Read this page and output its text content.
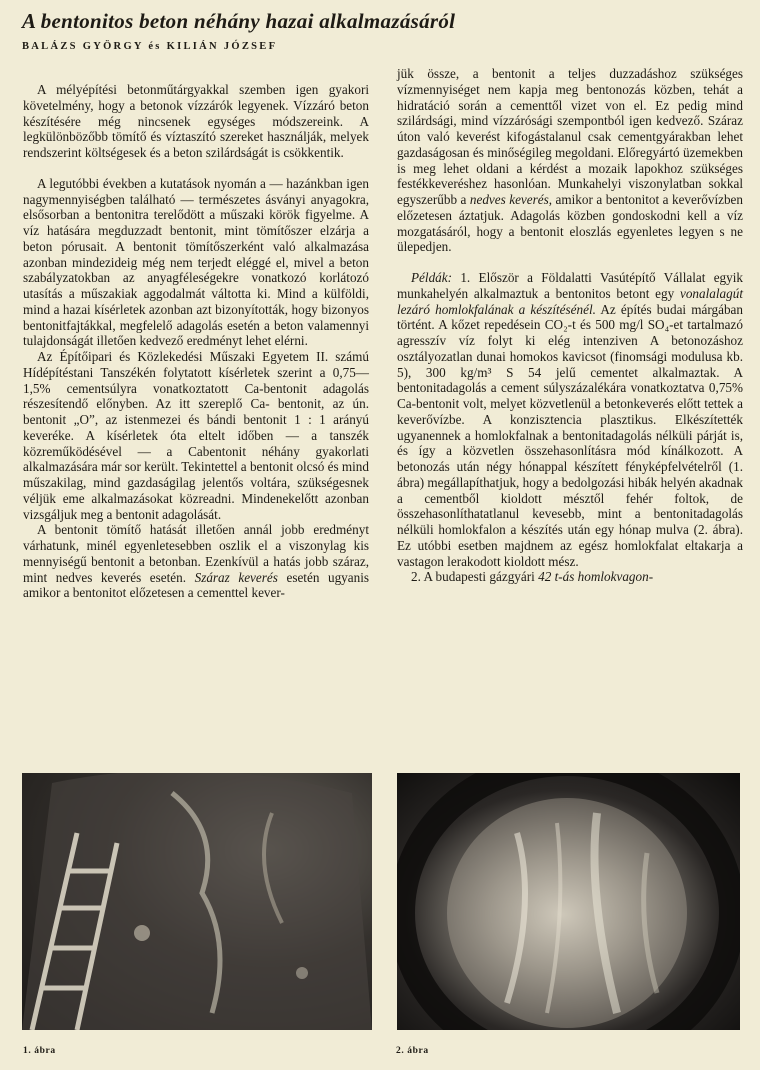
A bentonitos beton néhány hazai alkalmazásáról
BALÁZS GYÖRGY és KILIÁN JÓZSEF

A mélyépítési betonműtárgyakkal szemben igen gyakori követelmény, hogy a betonok vízzárók legyenek. Vízzáró beton készítésére még nincsenek egységes módszereink. A legkülönbözőbb tömítő és víztaszító szereket használják, melyek rendszerint költségesek és a beton szilárdságát is csökkentik.

A legutóbbi években a kutatások nyomán a — hazánkban igen nagymennyiségben található — természetes ásványi anyagokra, elsősorban a bentonitra terelődött a műszaki körök figyelme. A víz hatására megduzzadt bentonit, mint tömítőszer elzárja a beton pórusait. A bentonit tömítőszerként való alkalmazása azonban mindezideig még nem terjedt eléggé el, mivel a beton szabályzatokban az anyagféleségekre vonatkozó korlátozó utasítás a műszakiak aggodalmát váltotta ki. Mind a külföldi, mind a hazai kísérletek azonban azt bizonyították, hogy bizonyos bentonitfajtákkal, megfelelő adagolás esetén a beton valamennyi tulajdonságát illetően kedvező eredményt lehet elérni.

Az Építőipari és Közlekedési Műszaki Egyetem II. számú Hídépítéstani Tanszékén folytatott kísérletek szerint a 0,75—1,5% cementsúlyra vonatkoztatott Ca-bentonit adagolás részesítendő előnyben. Az itt szereplő Ca- bentonit, az ún. bentonit „O”, az istenmezei és bándi bentonit 1 : 1 arányú keveréke. A kísérletek óta eltelt időben — a tanszék közreműködésével — a Cabentonit néhány gyakorlati alkalmazására már sor került. Tekintettel a bentonit olcsó és mind műszakilag, mind gazdaságilag jelentős voltára, szükségesnek véljük eme alkalmazásokat közreadni. Mindenekelőtt azonban vizsgáljuk meg a bentonit adagolását.

A bentonit tömítő hatását illetően annál jobb eredményt várhatunk, minél egyenletesebben oszlik el a viszonylag kis mennyiségű bentonit a betonban. Ezenkívül a hatás jobb száraz, mint nedves keverés esetén. Száraz keverés esetén ugyanis amikor a bentonitot előzetesen a cementtel kever-

jük össze, a bentonit a teljes duzzadáshoz szükséges vízmennyiséget nem kapja meg bentonozás közben, tehát a hidratáció során a cementtől vizet von el. Ez pedig mind szilárdsági, mind vízzárósági szempontból igen kedvező. Száraz úton való keverést kifogástalanul csak cementgyárakban lehet gazdaságosan és minőségileg megoldani. Előregyártó üzemekben is meg lehet oldani a kérdést a mozaik lapokhoz szükséges festékkeveréshez hasonlóan. Munkahelyi viszonylatban sokkal egyszerűbb a nedves keverés, amikor a bentonitot a keverővízben előzetesen áztatjuk. Adagolás közben gondoskodni kell a víz mozgatásáról, hogy a bentonit eloszlás egyenletes legyen s ne ülepedjen.

Példák: 1. Először a Földalatti Vasútépítő Vállalat egyik munkahelyén alkalmaztuk a bentonitos betont egy vonalalagút lezáró homlokfalának a készítésénél. Az építés budai márgában történt. A kőzet repedésein CO₂-t és 500 mg/l SO₄-et tartalmazó agresszív víz folyt ki elég intenziven A betonozáshoz osztályozatlan dunai homokos kavicsot (finomsági modulusa kb. 5), 300 kg/m³ S 54 jelű cementet alkalmaztak. A bentonitadagolás a cement súlyszázalékára vonatkoztatva 0,75% Ca-bentonit volt, melyet közvetlenül a betonkeverés előtt tettek a keverővízbe. A konzisztencia plasztikus. Elkészítették ugyanennek a homlokfalnak a bentonitadagolás nélküli párját is, és így a közvetlen összehasonlításra mód kínálkozott. A betonozás után négy hónappal készített fényképfelvételről (1. ábra) megállapíthatjuk, hogy a bedolgozási hibák helyén akadnak a cementből kioldott mésztől fehér foltok, de összehasonlíthatatlanul kevesebb, mint a bentonitadagolás nélküli homlokfalon a készítés után egy hónap mulva (2. ábra). Ez utóbbi esetben majdnem az egész homlokfalat eltakarja a vastagon lerakodott kioldott mész.

2. A budapesti gázgyári 42 t-ás homlokvagon-

1. ábra	2. ábra
